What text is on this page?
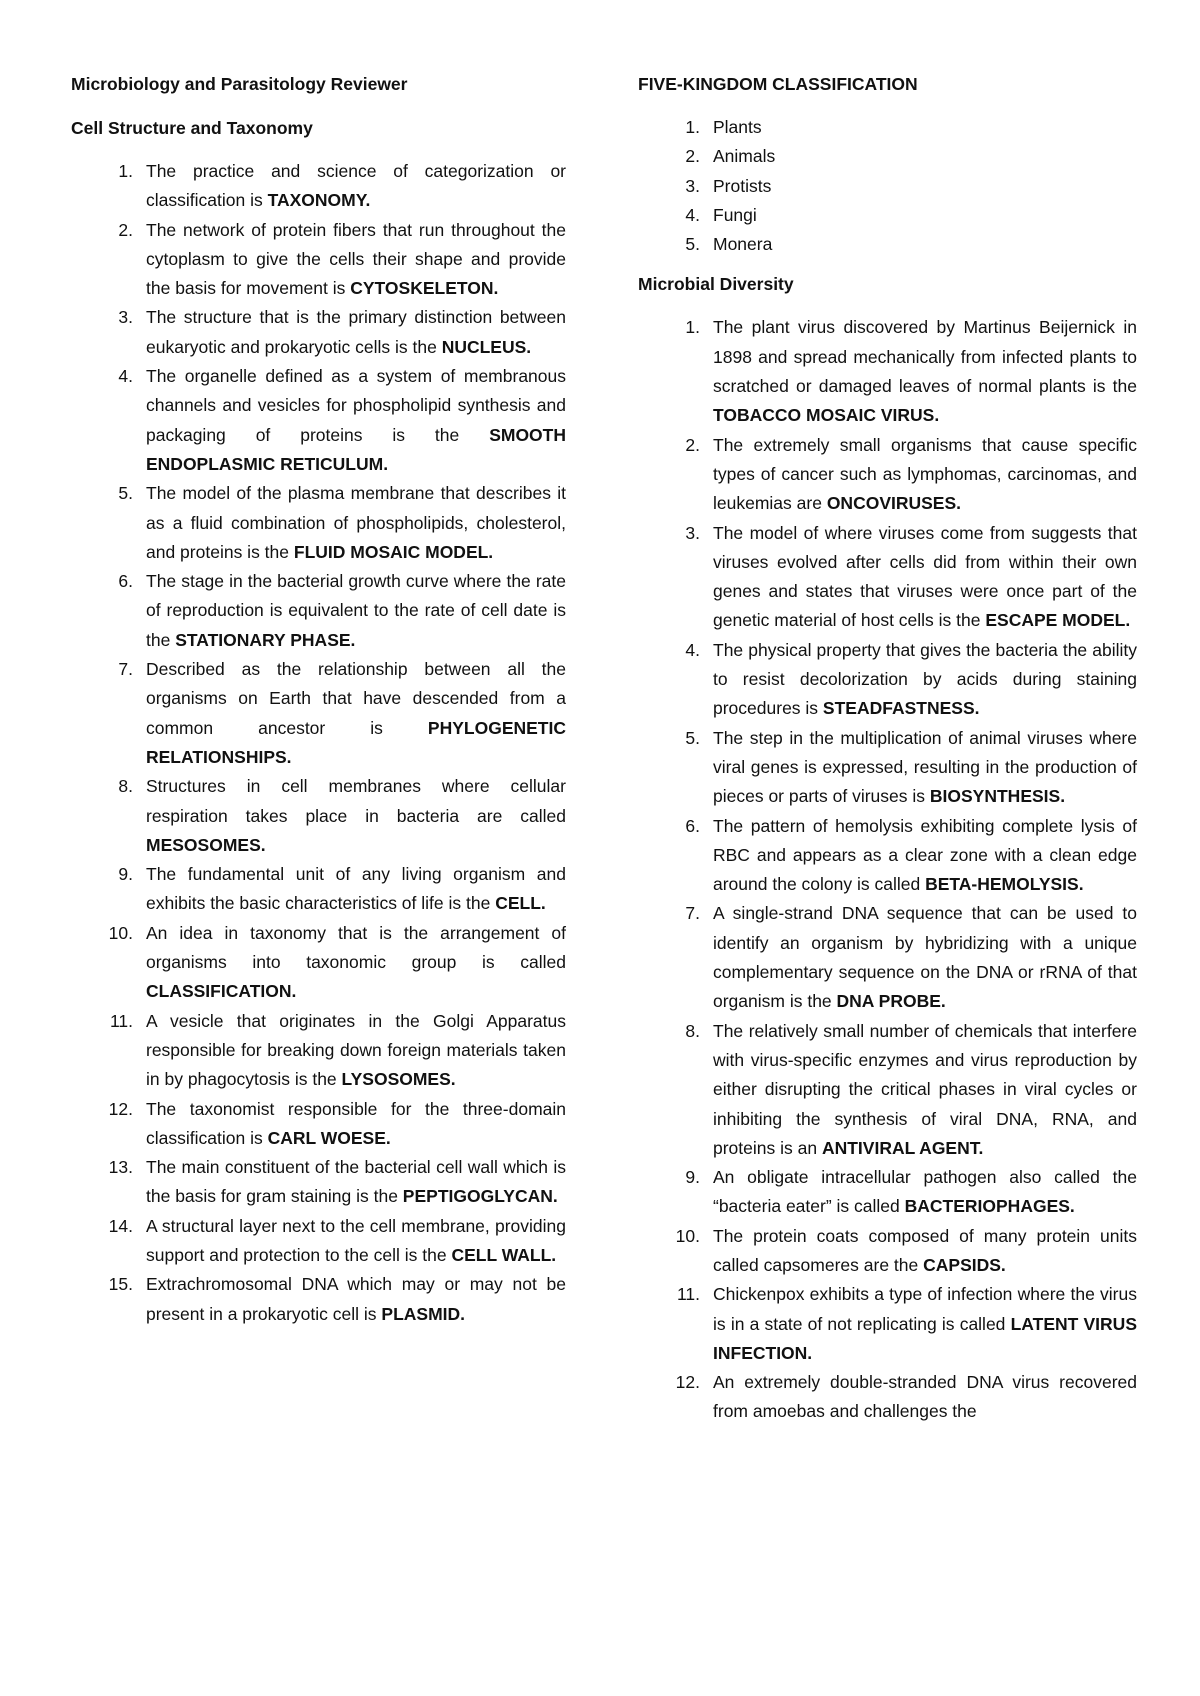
Microbiology and Parasitology Reviewer

Cell Structure and Taxonomy

1. The practice and science of categorization or classification is TAXONOMY.
2. The network of protein fibers that run throughout the cytoplasm to give the cells their shape and provide the basis for movement is CYTOSKELETON.
3. The structure that is the primary distinction between eukaryotic and prokaryotic cells is the NUCLEUS.
4. The organelle defined as a system of membranous channels and vesicles for phospholipid synthesis and packaging of proteins is the SMOOTH ENDOPLASMIC RETICULUM.
5. The model of the plasma membrane that describes it as a fluid combination of phospholipids, cholesterol, and proteins is the FLUID MOSAIC MODEL.
6. The stage in the bacterial growth curve where the rate of reproduction is equivalent to the rate of cell date is the STATIONARY PHASE.
7. Described as the relationship between all the organisms on Earth that have descended from a common ancestor is PHYLOGENETIC RELATIONSHIPS.
8. Structures in cell membranes where cellular respiration takes place in bacteria are called MESOSOMES.
9. The fundamental unit of any living organism and exhibits the basic characteristics of life is the CELL.
10. An idea in taxonomy that is the arrangement of organisms into taxonomic group is called CLASSIFICATION.
11. A vesicle that originates in the Golgi Apparatus responsible for breaking down foreign materials taken in by phagocytosis is the LYSOSOMES.
12. The taxonomist responsible for the three-domain classification is CARL WOESE.
13. The main constituent of the bacterial cell wall which is the basis for gram staining is the PEPTIGOGLYCAN.
14. A structural layer next to the cell membrane, providing support and protection to the cell is the CELL WALL.
15. Extrachromosomal DNA which may or may not be present in a prokaryotic cell is PLASMID.

FIVE-KINGDOM CLASSIFICATION

1. Plants
2. Animals
3. Protists
4. Fungi
5. Monera

Microbial Diversity

1. The plant virus discovered by Martinus Beijernick in 1898 and spread mechanically from infected plants to scratched or damaged leaves of normal plants is the TOBACCO MOSAIC VIRUS.
2. The extremely small organisms that cause specific types of cancer such as lymphomas, carcinomas, and leukemias are ONCOVIRUSES.
3. The model of where viruses come from suggests that viruses evolved after cells did from within their own genes and states that viruses were once part of the genetic material of host cells is the ESCAPE MODEL.
4. The physical property that gives the bacteria the ability to resist decolorization by acids during staining procedures is STEADFASTNESS.
5. The step in the multiplication of animal viruses where viral genes is expressed, resulting in the production of pieces or parts of viruses is BIOSYNTHESIS.
6. The pattern of hemolysis exhibiting complete lysis of RBC and appears as a clear zone with a clean edge around the colony is called BETA-HEMOLYSIS.
7. A single-strand DNA sequence that can be used to identify an organism by hybridizing with a unique complementary sequence on the DNA or rRNA of that organism is the DNA PROBE.
8. The relatively small number of chemicals that interfere with virus-specific enzymes and virus reproduction by either disrupting the critical phases in viral cycles or inhibiting the synthesis of viral DNA, RNA, and proteins is an ANTIVIRAL AGENT.
9. An obligate intracellular pathogen also called the “bacteria eater” is called BACTERIOPHAGES.
10. The protein coats composed of many protein units called capsomeres are the CAPSIDS.
11. Chickenpox exhibits a type of infection where the virus is in a state of not replicating is called LATENT VIRUS INFECTION.
12. An extremely double-stranded DNA virus recovered from amoebas and challenges the
